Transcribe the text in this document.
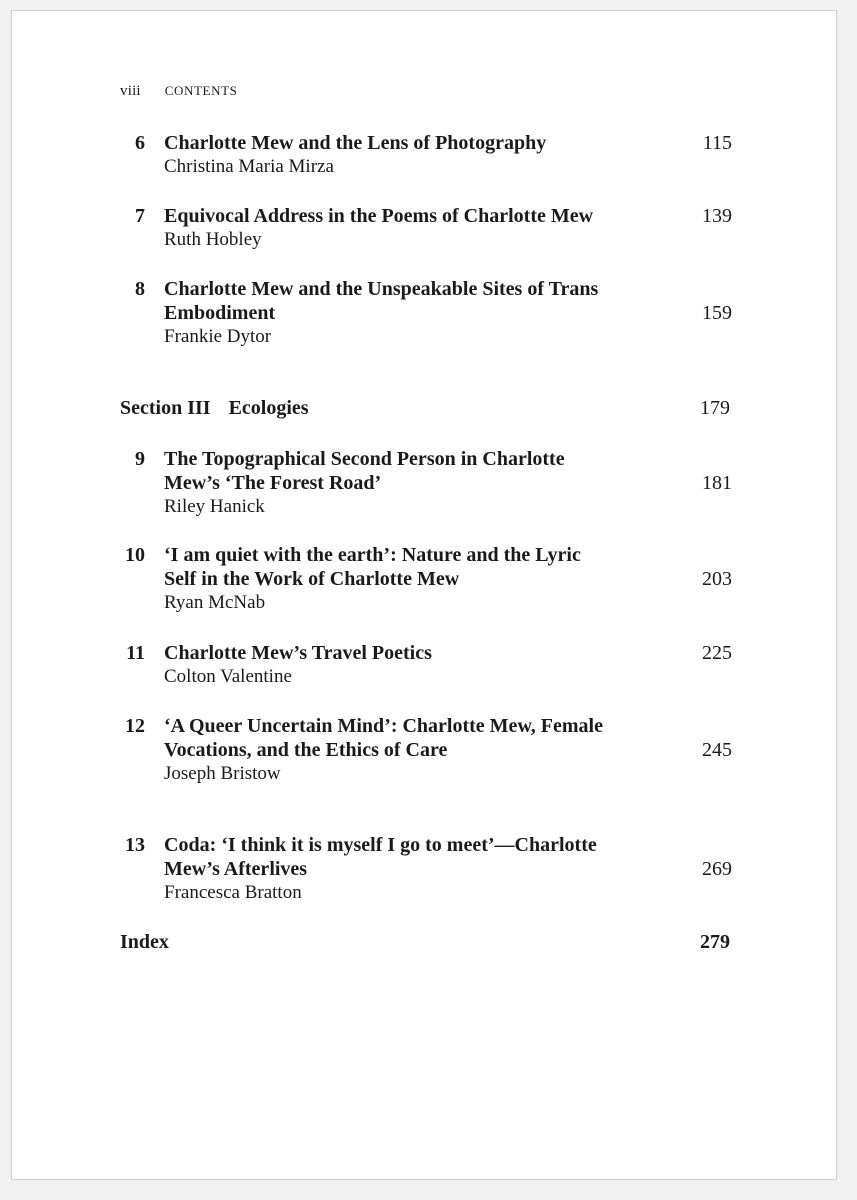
viii CONTENTS
6 Charlotte Mew and the Lens of Photography
Christina Maria Mirza
115
7 Equivocal Address in the Poems of Charlotte Mew
Ruth Hobley
139
8 Charlotte Mew and the Unspeakable Sites of Trans
Embodiment
Frankie Dytor
159
Section III Ecologies	179
9 The Topographical Second Person in Charlotte
Mew’s ‘The Forest Road’
Riley Hanick
181
10 ‘I am quiet with the earth’: Nature and the Lyric
Self in the Work of Charlotte Mew
Ryan McNab
203
11 Charlotte Mew’s Travel Poetics
Colton Valentine
225
12 ‘A Queer Uncertain Mind’: Charlotte Mew, Female
Vocations, and the Ethics of Care
Joseph Bristow
245
13 Coda: ‘I think it is myself I go to meet’—Charlotte
Mew’s Afterlives
Francesca Bratton
269
Index	279
